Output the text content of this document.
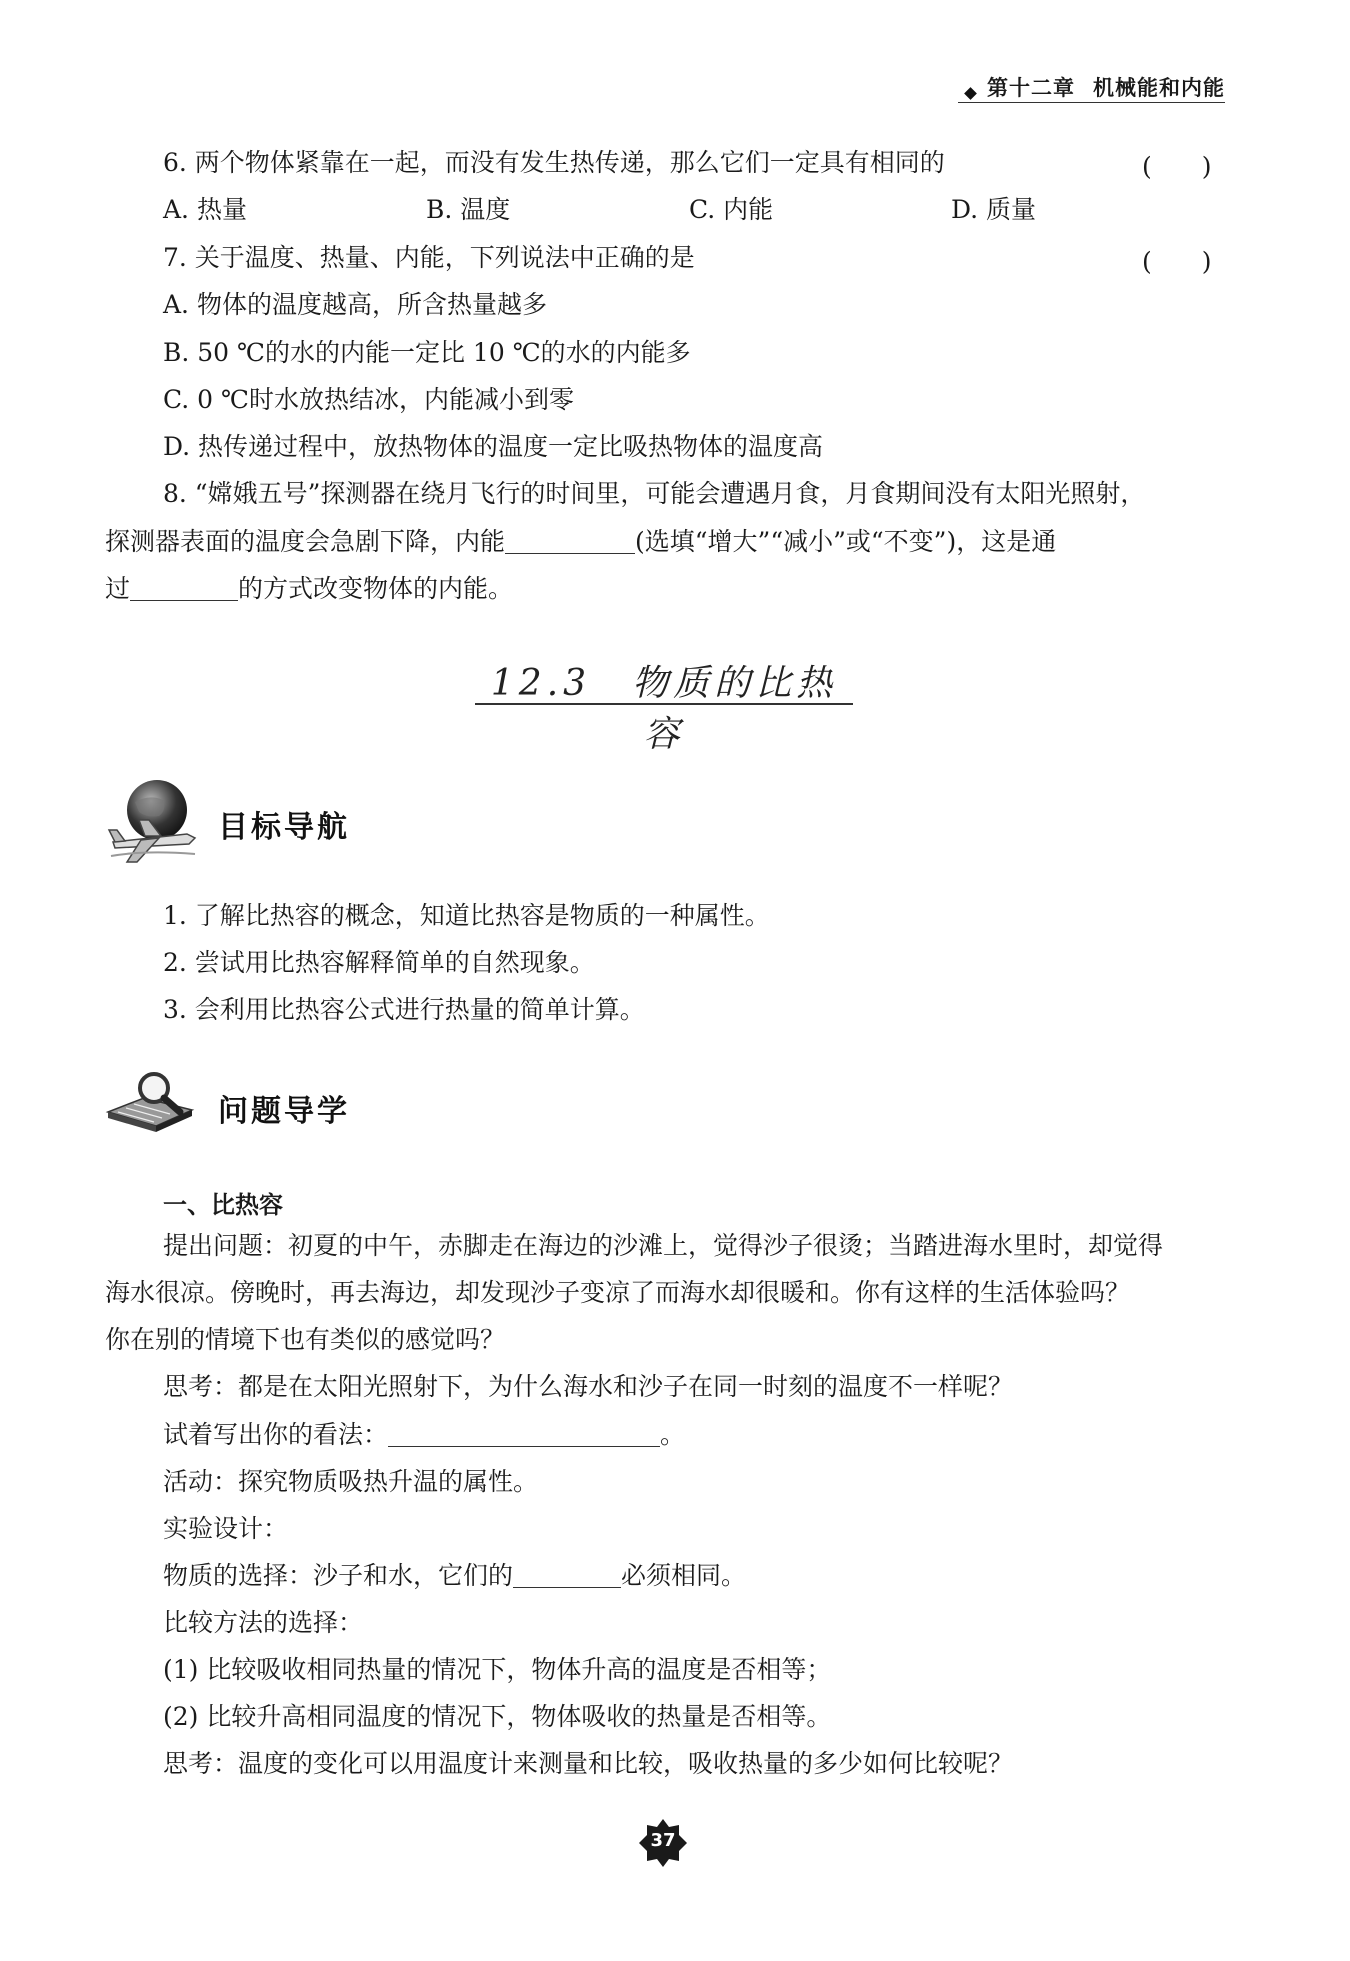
第十二章 机械能和内能
6. 两个物体紧靠在一起，而没有发生热传递，那么它们一定具有相同的	(　　)
A. 热量	B. 温度	C. 内能	D. 质量
7. 关于温度、热量、内能，下列说法中正确的是	(　　)
A. 物体的温度越高，所含热量越多
B. 50 ℃的水的内能一定比 10 ℃的水的内能多
C. 0 ℃时水放热结冰，内能减小到零
D. 热传递过程中，放热物体的温度一定比吸热物体的温度高
8. “嫦娥五号”探测器在绕月飞行的时间里，可能会遭遇月食，月食期间没有太阳光照射，
探测器表面的温度会急剧下降，内能	(选填“增大”“减小”或“不变”)，这是通
过	的方式改变物体的内能。
12.3　物质的比热容
目标导航
1. 了解比热容的概念，知道比热容是物质的一种属性。
2. 尝试用比热容解释简单的自然现象。
3. 会利用比热容公式进行热量的简单计算。
问题导学
一、比热容
提出问题：初夏的中午，赤脚走在海边的沙滩上，觉得沙子很烫；当踏进海水里时，却觉得
海水很凉。傍晚时，再去海边，却发现沙子变凉了而海水却很暖和。你有这样的生活体验吗？
你在别的情境下也有类似的感觉吗？
思考：都是在太阳光照射下，为什么海水和沙子在同一时刻的温度不一样呢？
试着写出你的看法：	。
活动：探究物质吸热升温的属性。
实验设计：
物质的选择：沙子和水，它们的	必须相同。
比较方法的选择：
(1) 比较吸收相同热量的情况下，物体升高的温度是否相等；
(2) 比较升高相同温度的情况下，物体吸收的热量是否相等。
思考：温度的变化可以用温度计来测量和比较，吸收热量的多少如何比较呢？
37
